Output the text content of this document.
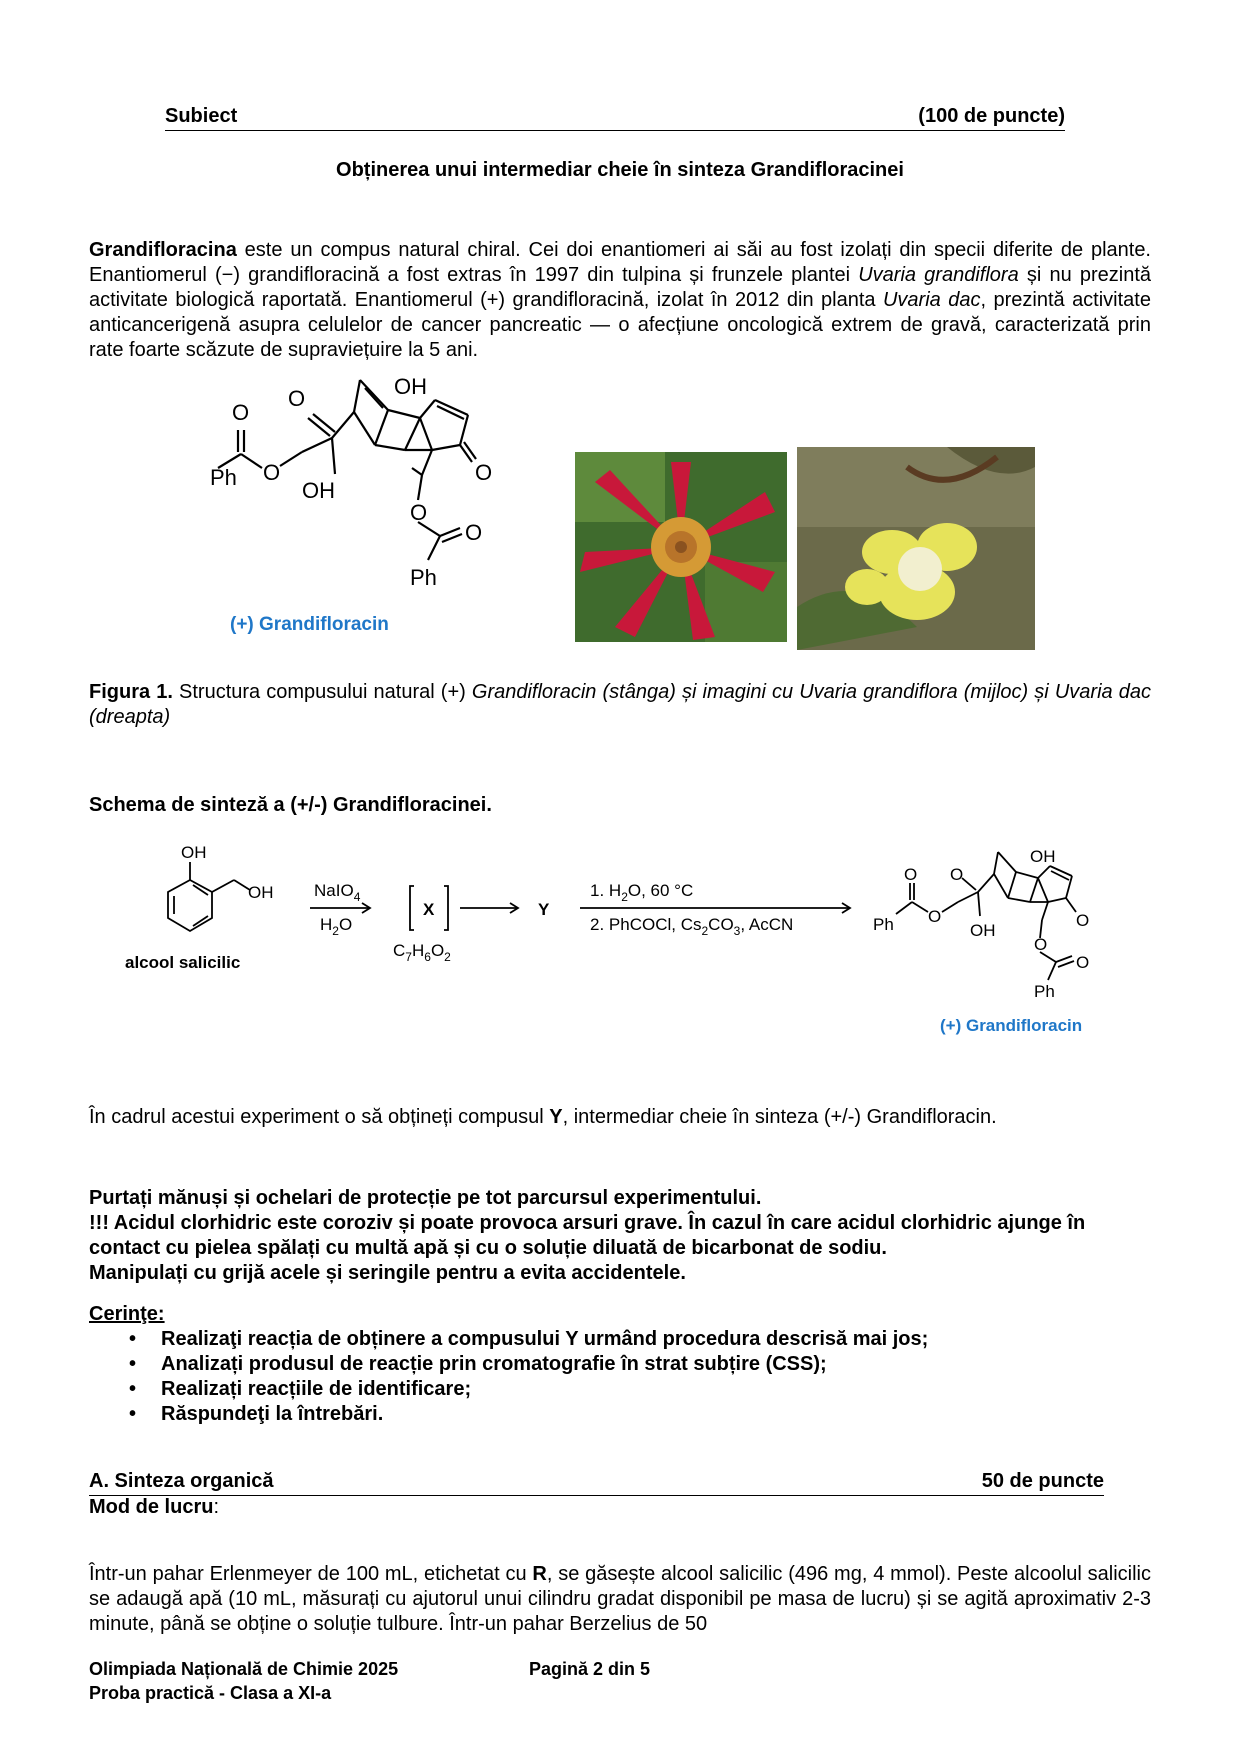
Subiect	(100 de puncte)
Obținerea unui intermediar cheie în sinteza Grandifloracinei

Grandifloracina este un compus natural chiral. Cei doi enantiomeri ai săi au fost izolați din specii diferite de plante. Enantiomerul (−) grandifloracină a fost extras în 1997 din tulpina și frunzele plantei Uvaria grandiflora și nu prezintă activitate biologică raportată. Enantiomerul (+) grandifloracină, izolat în 2012 din planta Uvaria dac, prezintă activitate anticancerigenă asupra celulelor de cancer pancreatic — o afecțiune oncologică extrem de gravă, caracterizată prin rate foarte scăzute de supraviețuire la 5 ani.

Ph
O
O
O
OH
OH
O
O
O
Ph
(+) Grandifloracin

Figura 1. Structura compusului natural (+) Grandifloracin (stânga) și imagini cu Uvaria grandiflora (mijloc) și Uvaria dac (dreapta)

Schema de sinteză a (+/-) Grandifloracinei.
OH
OH
alcool salicilic
NaIO$_4$
$H_2O$
X
$C_7H_6O_2$
Y
1. $H_2O$, 60 °C
2. PhCOCl, $Cs_2CO_3$, AcCN
O
Ph O
O
OH
OH
O
O
O
Ph
(+) Grandifloracin

În cadrul acestui experiment o să obțineți compusul Y, intermediar cheie în sinteza (+/-) Grandifloracin.

Purtați mănuși și ochelari de protecție pe tot parcursul experimentului.
!!! Acidul clorhidric este coroziv și poate provoca arsuri grave. În cazul în care acidul clorhidric ajunge în contact cu pielea spălați cu multă apă și cu o soluție diluată de bicarbonat de sodiu.
Manipulați cu grijă acele și seringile pentru a evita accidentele.
Cerinţe:
• Realizaţi reacția de obținere a compusului Y urmând procedura descrisă mai jos;
• Analizați produsul de reacție prin cromatografie în strat subțire (CSS);
• Realizați reacțiile de identificare;
• Răspundeţi la întrebări.
A. Sinteza organică	50 de puncte
Mod de lucru:

Într-un pahar Erlenmeyer de 100 mL, etichetat cu R, se găsește alcool salicilic (496 mg, 4 mmol). Peste alcoolul salicilic se adaugă apă (10 mL, măsurați cu ajutorul unui cilindru gradat disponibil pe masa de lucru) și se agită aproximativ 2-3 minute, până se obține o soluție tulbure. Într-un pahar Berzelius de 50

Olimpiada Națională de Chimie 2025	Pagină 2 din 5
Proba practică - Clasa a XI-a
